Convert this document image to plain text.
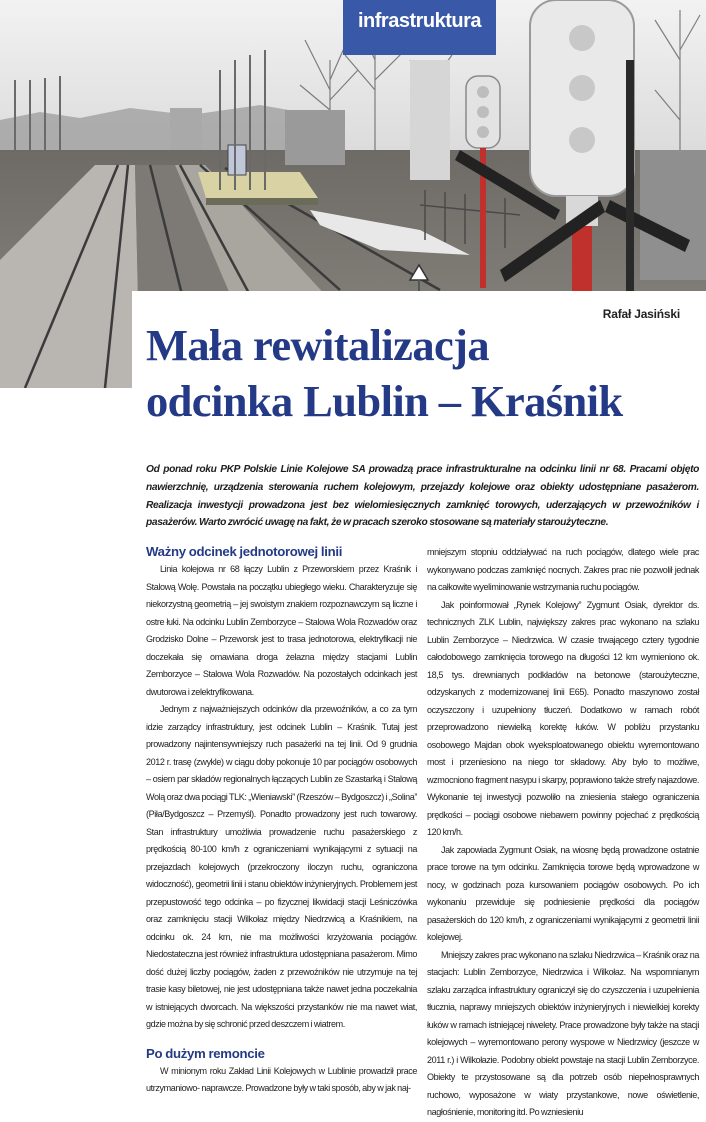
infrastruktura
Rafał Jasiński
Mała rewitalizacja
odcinka Lublin – Kraśnik

Od ponad roku PKP Polskie Linie Kolejowe SA prowadzą prace infrastrukturalne na odcinku linii nr 68. Pracami objęto nawierzchnię, urządzenia sterowania ruchem kolejowym, przejazdy kolejowe oraz obiekty udostępniane pasażerom. Realizacja inwestycji prowadzona jest bez wielomiesięcznych zamknięć torowych, uderzających w przewoźników i pasażerów. Warto zwrócić uwagę na fakt, że w pracach szeroko stosowane są materiały staroużyteczne.

Ważny odcinek jednotorowej linii

Linia kolejowa nr 68 łączy Lublin z Przeworskiem przez Kraśnik i Stalową Wolę. Powstała na początku ubiegłego wieku. Charakteryzuje się niekorzystną geometrią – jej swoistym znakiem rozpoznawczym są liczne i ostre łuki. Na odcinku Lublin Zemborzyce – Stalowa Wola Rozwadów oraz Grodzisko Dolne – Przeworsk jest to trasa jednotorowa, elektryfikacji nie doczekała się omawiana droga żelazna między stacjami Lublin Zemborzyce – Stalowa Wola Rozwadów. Na pozostałych odcinkach jest dwutorowa i zelektryfikowana.

Jednym z najważniejszych odcinków dla przewoźników, a co za tym idzie zarządcy infrastruktury, jest odcinek Lublin – Kraśnik. Tutaj jest prowadzony najintensywniejszy ruch pasażerki na tej linii. Od 9 grudnia 2012 r. trasę (zwykle) w ciągu doby pokonuje 10 par pociągów osobowych – osiem par składów regionalnych łączących Lublin ze Szastarką i Stalową Wolą oraz dwa pociągi TLK: „Wieniawski” (Rzeszów – Bydgoszcz) i „Solina” (Piła/Bydgoszcz – Przemyśl). Ponadto prowadzony jest ruch towarowy. Stan infrastruktury umożliwia prowadzenie ruchu pasażerskiego z prędkością 80-100 km/h z ograniczeniami wynikającymi z sytuacji na przejazdach kolejowych (przekroczony iloczyn ruchu, ograniczona widoczność), geometrii linii i stanu obiektów inżynieryjnych. Problemem jest przepustowość tego odcinka – po fizycznej likwidacji stacji Leśniczówka oraz zamknięciu stacji Wilkołaz między Niedrzwicą a Kraśnikiem, na odcinku ok. 24 km, nie ma możliwości krzyżowania pociągów. Niedostateczna jest również infrastruktura udostępniana pasażerom. Mimo dość dużej liczby pociągów, żaden z przewoźników nie utrzymuje na tej trasie kasy biletowej, nie jest udostępniana także nawet jedna poczekalnia w istniejących dworcach. Na większości przystanków nie ma nawet wiat, gdzie można by się schronić przed deszczem i wiatrem.

Po dużym remoncie

W minionym roku Zakład Linii Kolejowych w Lublinie prowadził prace utrzymaniowo- naprawcze. Prowadzone były w taki sposób, aby w jak naj-

mniejszym stopniu oddziaływać na ruch pociągów, dlatego wiele prac wykonywano podczas zamknięć nocnych. Zakres prac nie pozwolił jednak na całkowite wyeliminowanie wstrzymania ruchu pociągów.

Jak poinformował „Rynek Kolejowy” Zygmunt Osiak, dyrektor ds. technicznych ZLK Lublin, największy zakres prac wykonano na szlaku Lublin Zemborzyce – Niedrzwica. W czasie trwającego cztery tygodnie całodobowego zamknięcia torowego na długości 12 km wymieniono ok. 18,5 tys. drewnianych podkładów na betonowe (staroużyteczne, odzyskanych z modernizowanej linii E65). Ponadto maszynowo został oczyszczony i uzupełniony tłuczeń. Dodatkowo w ramach robót przeprowadzono niewielką korektę łuków. W pobliżu przystanku osobowego Majdan obok wyeksploatowanego obiektu wyremontowano most i przeniesiono na niego tor składowy. Aby było to możliwe, wzmocniono fragment nasypu i skarpy, poprawiono także strefy najazdowe. Wykonanie tej inwestycji pozwoliło na zniesienia stałego ograniczenia prędkości – pociągi osobowe niebawem powinny pojechać z prędkością 120 km/h.

Jak zapowiada Zygmunt Osiak, na wiosnę będą prowadzone ostatnie prace torowe na tym odcinku. Zamknięcia torowe będą wprowadzone w nocy, w godzinach poza kursowaniem pociągów osobowych. Po ich wykonaniu przewiduje się podniesienie prędkości dla pociągów pasażerskich do 120 km/h, z ograniczeniami wynikającymi z geometrii linii kolejowej.

Mniejszy zakres prac wykonano na szlaku Niedrzwica – Kraśnik oraz na stacjach: Lublin Zemborzyce, Niedrzwica i Wilkołaz. Na wspomnianym szlaku zarządca infrastruktury ograniczył się do czyszczenia i uzupełnienia tłucznia, naprawy mniejszych obiektów inżynieryjnych i niewielkiej korekty łuków w ramach istniejącej niwelety. Prace prowadzone były także na stacji kolejowych – wyremontowano perony wyspowe w Niedrzwicy (jeszcze w 2011 r.) i Wilkołazie. Podobny obiekt powstaje na stacji Lublin Zemborzyce. Obiekty te przystosowane są dla potrzeb osób niepełnosprawnych ruchowo, wyposażone w wiaty przystankowe, nowe oświetlenie, nagłośnienie, monitoring itd. Po wzniesieniu
